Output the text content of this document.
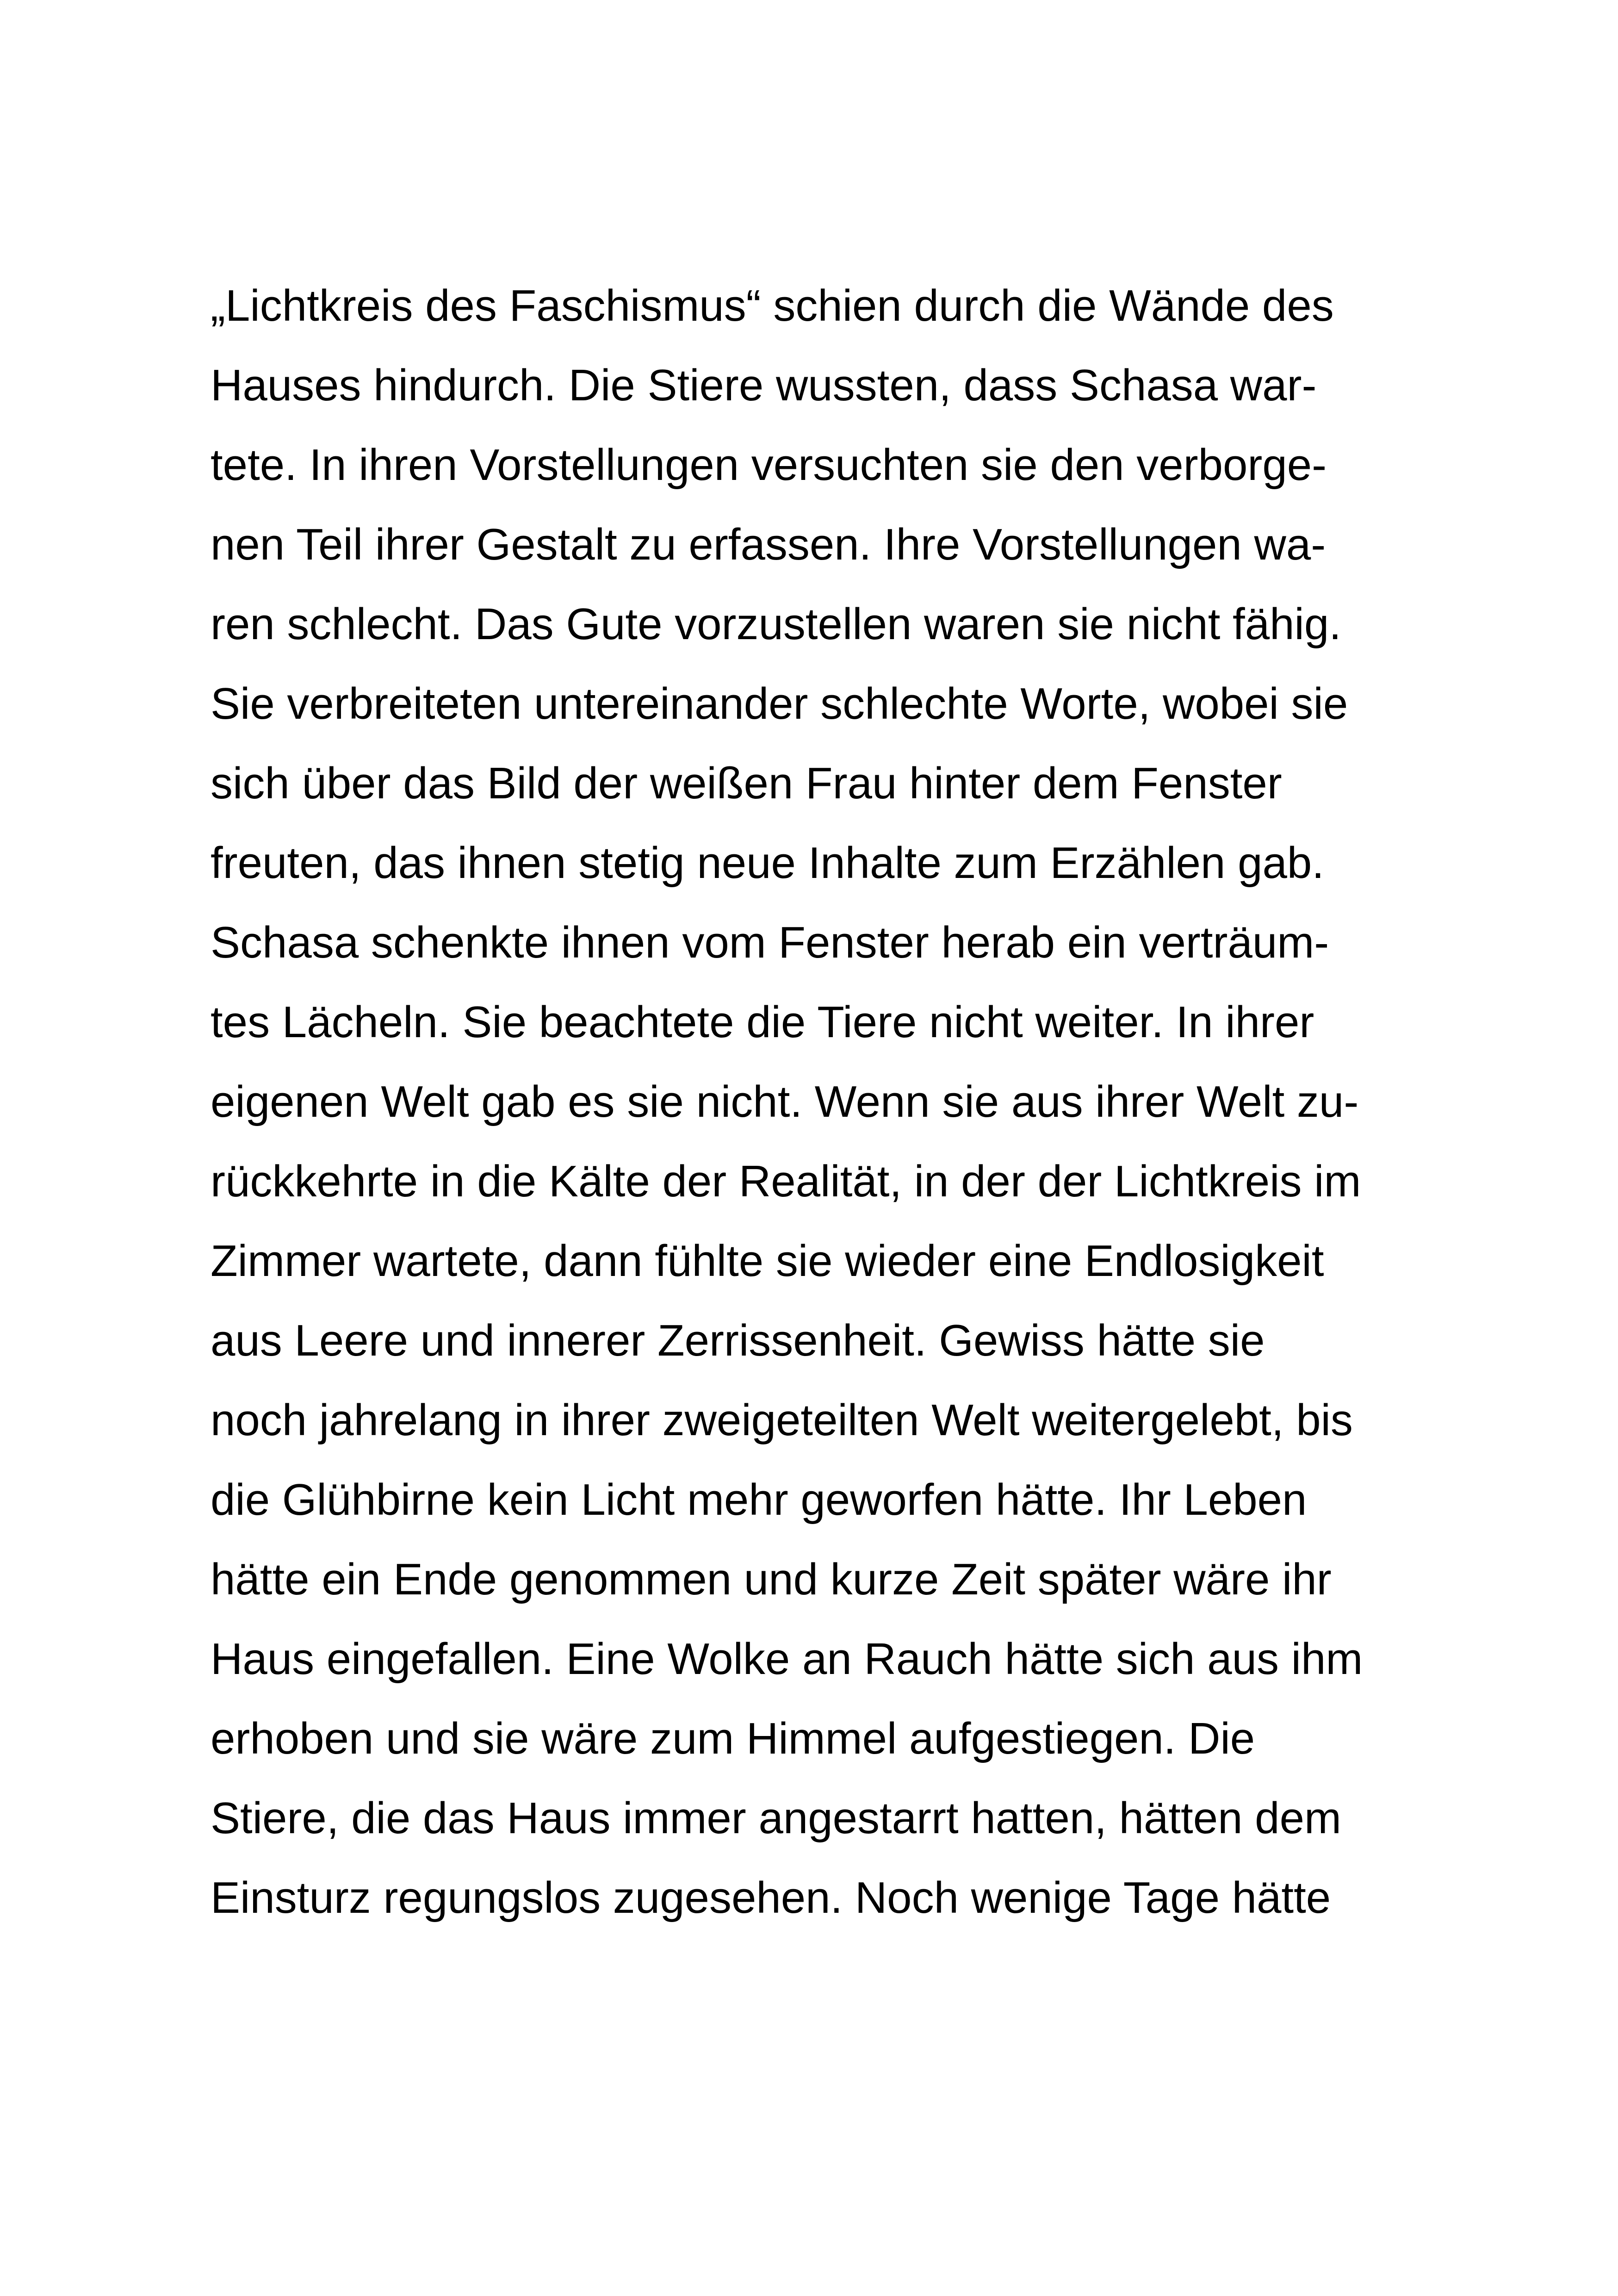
„Lichtkreis des Faschismus“ schien durch die Wände des
Hauses hindurch. Die Stiere wussten, dass Schasa war-
tete. In ihren Vorstellungen versuchten sie den verborge-
nen Teil ihrer Gestalt zu erfassen. Ihre Vorstellungen wa-
ren schlecht. Das Gute vorzustellen waren sie nicht fähig.
Sie verbreiteten untereinander schlechte Worte, wobei sie
sich über das Bild der weißen Frau hinter dem Fenster
freuten, das ihnen stetig neue Inhalte zum Erzählen gab.
Schasa schenkte ihnen vom Fenster herab ein verträum-
tes Lächeln. Sie beachtete die Tiere nicht weiter. In ihrer
eigenen Welt gab es sie nicht. Wenn sie aus ihrer Welt zu-
rückkehrte in die Kälte der Realität, in der der Lichtkreis im
Zimmer wartete, dann fühlte sie wieder eine Endlosigkeit
aus Leere und innerer Zerrissenheit. Gewiss hätte sie
noch jahrelang in ihrer zweigeteilten Welt weitergelebt, bis
die Glühbirne kein Licht mehr geworfen hätte. Ihr Leben
hätte ein Ende genommen und kurze Zeit später wäre ihr
Haus eingefallen. Eine Wolke an Rauch hätte sich aus ihm
erhoben und sie wäre zum Himmel aufgestiegen. Die
Stiere, die das Haus immer angestarrt hatten, hätten dem
Einsturz regungslos zugesehen. Noch wenige Tage hätte
